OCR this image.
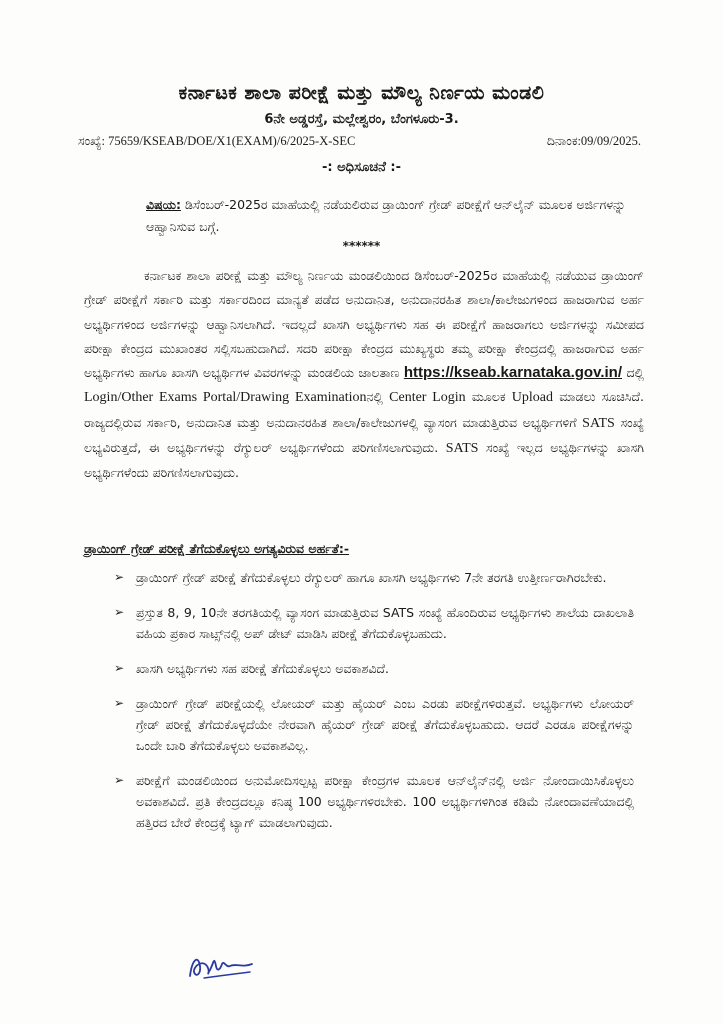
ಕರ್ನಾಟಕ ಶಾಲಾ ಪರೀಕ್ಷೆ ಮತ್ತು ಮೌಲ್ಯ ನಿರ್ಣಯ ಮಂಡಲಿ
6ನೇ ಅಡ್ಡರಸ್ತೆ, ಮಲ್ಲೇಶ್ವರಂ, ಬೆಂಗಳೂರು-3.
ಸಂಖ್ಯೆ: 75659/KSEAB/DOE/X1(EXAM)/6/2025-X-SEC	ದಿನಾಂಕ:09/09/2025.
-: ಅಧಿಸೂಚನೆ :-
ವಿಷಯ: ಡಿಸೆಂಬರ್-2025ರ ಮಾಹೆಯಲ್ಲಿ ನಡೆಯಲಿರುವ ಡ್ರಾಯಿಂಗ್ ಗ್ರೇಡ್ ಪರೀಕ್ಷೆಗೆ ಆನ್‌ಲೈನ್ ಮೂಲಕ ಅರ್ಜಿಗಳನ್ನು ಆಹ್ವಾನಿಸುವ ಬಗ್ಗೆ.
******
ಕರ್ನಾಟಕ ಶಾಲಾ ಪರೀಕ್ಷೆ ಮತ್ತು ಮೌಲ್ಯ ನಿರ್ಣಯ ಮಂಡಲಿಯಿಂದ ಡಿಸೆಂಬರ್-2025ರ ಮಾಹೆಯಲ್ಲಿ ನಡೆಯುವ ಡ್ರಾಯಿಂಗ್ ಗ್ರೇಡ್ ಪರೀಕ್ಷೆಗೆ ಸರ್ಕಾರಿ ಮತ್ತು ಸರ್ಕಾರದಿಂದ ಮಾನ್ಯತೆ ಪಡೆದ ಅನುದಾನಿತ, ಅನುದಾನರಹಿತ ಶಾಲಾ/ಕಾಲೇಜುಗಳಿಂದ ಹಾಜರಾಗುವ ಅರ್ಹ ಅಭ್ಯರ್ಥಿಗಳಿಂದ ಅರ್ಜಿಗಳನ್ನು ಆಹ್ವಾನಿಸಲಾಗಿದೆ. ಇದಲ್ಲದೆ ಖಾಸಗಿ ಅಭ್ಯರ್ಥಿಗಳು ಸಹ ಈ ಪರೀಕ್ಷೆಗೆ ಹಾಜರಾಗಲು ಅರ್ಜಿಗಳನ್ನು ಸಮೀಪದ ಪರೀಕ್ಷಾ ಕೇಂದ್ರದ ಮುಖಾಂತರ ಸಲ್ಲಿಸಬಹುದಾಗಿದೆ. ಸದರಿ ಪರೀಕ್ಷಾ ಕೇಂದ್ರದ ಮುಖ್ಯಸ್ಥರು ತಮ್ಮ ಪರೀಕ್ಷಾ ಕೇಂದ್ರದಲ್ಲಿ ಹಾಜರಾಗುವ ಅರ್ಹ ಅಭ್ಯರ್ಥಿಗಳು ಹಾಗೂ ಖಾಸಗಿ ಅಭ್ಯರ್ಥಿಗಳ ವಿವರಗಳನ್ನು ಮಂಡಲಿಯ ಜಾಲತಾಣ https://kseab.karnataka.gov.in/ ದಲ್ಲಿ Login/Other Exams Portal/Drawing Examinationನಲ್ಲಿ Center Login ಮೂಲಕ Upload ಮಾಡಲು ಸೂಚಿಸಿದೆ. ರಾಜ್ಯದಲ್ಲಿರುವ ಸರ್ಕಾರಿ, ಅನುದಾನಿತ ಮತ್ತು ಅನುದಾನರಹಿತ ಶಾಲಾ/ಕಾಲೇಜುಗಳಲ್ಲಿ ವ್ಯಾಸಂಗ ಮಾಡುತ್ತಿರುವ ಅಭ್ಯರ್ಥಿಗಳಿಗೆ SATS ಸಂಖ್ಯೆ ಲಭ್ಯವಿರುತ್ತದೆ, ಈ ಅಭ್ಯರ್ಥಿಗಳನ್ನು ರೆಗ್ಯುಲರ್ ಅಭ್ಯರ್ಥಿಗಳೆಂದು ಪರಿಗಣಿಸಲಾಗುವುದು. SATS ಸಂಖ್ಯೆ ಇಲ್ಲದ ಅಭ್ಯರ್ಥಿಗಳನ್ನು ಖಾಸಗಿ ಅಭ್ಯರ್ಥಿಗಳೆಂದು ಪರಿಗಣಿಸಲಾಗುವುದು.
ಡ್ರಾಯಿಂಗ್ ಗ್ರೇಡ್ ಪರೀಕ್ಷೆ ತೆಗೆದುಕೊಳ್ಳಲು ಅಗತ್ಯವಿರುವ ಅರ್ಹತೆ:-
➢ ಡ್ರಾಯಿಂಗ್ ಗ್ರೇಡ್ ಪರೀಕ್ಷೆ ತೆಗೆದುಕೊಳ್ಳಲು ರೆಗ್ಯುಲರ್ ಹಾಗೂ ಖಾಸಗಿ ಅಭ್ಯರ್ಥಿಗಳು 7ನೇ ತರಗತಿ ಉತ್ತೀರ್ಣರಾಗಿರಬೇಕು.
➢ ಪ್ರಸ್ತುತ 8, 9, 10ನೇ ತರಗತಿಯಲ್ಲಿ ವ್ಯಾಸಂಗ ಮಾಡುತ್ತಿರುವ SATS ಸಂಖ್ಯೆ ಹೊಂದಿರುವ ಅಭ್ಯರ್ಥಿಗಳು ಶಾಲೆಯ ದಾಖಲಾತಿ ವಹಿಯ ಪ್ರಕಾರ ಸಾಟ್ಸ್‌ನಲ್ಲಿ ಅಪ್ ಡೇಟ್ ಮಾಡಿಸಿ ಪರೀಕ್ಷೆ ತೆಗೆದುಕೊಳ್ಳಬಹುದು.
➢ ಖಾಸಗಿ ಅಭ್ಯರ್ಥಿಗಳು ಸಹ ಪರೀಕ್ಷೆ ತೆಗೆದುಕೊಳ್ಳಲು ಅವಕಾಶವಿದೆ.
➢ ಡ್ರಾಯಿಂಗ್ ಗ್ರೇಡ್ ಪರೀಕ್ಷೆಯಲ್ಲಿ ಲೋಯರ್ ಮತ್ತು ಹೈಯರ್ ಎಂಬ ಎರಡು ಪರೀಕ್ಷೆಗಳಿರುತ್ತವೆ. ಅಭ್ಯರ್ಥಿಗಳು ಲೋಯರ್ ಗ್ರೇಡ್ ಪರೀಕ್ಷೆ ತೆಗೆದುಕೊಳ್ಳದೆಯೇ ನೇರವಾಗಿ ಹೈಯರ್ ಗ್ರೇಡ್ ಪರೀಕ್ಷೆ ತೆಗೆದುಕೊಳ್ಳಬಹುದು. ಆದರೆ ಎರಡೂ ಪರೀಕ್ಷೆಗಳನ್ನು ಒಂದೇ ಬಾರಿ ತೆಗೆದುಕೊಳ್ಳಲು ಅವಕಾಶವಿಲ್ಲ.
➢ ಪರೀಕ್ಷೆಗೆ ಮಂಡಲಿಯಿಂದ ಅನುಮೋದಿಸಲ್ಪಟ್ಟ ಪರೀಕ್ಷಾ ಕೇಂದ್ರಗಳ ಮೂಲಕ ಆನ್‌ಲೈನ್‌ನಲ್ಲಿ ಅರ್ಜಿ ನೋಂದಾಯಿಸಿಕೊಳ್ಳಲು ಅವಕಾಶವಿದೆ. ಪ್ರತಿ ಕೇಂದ್ರದಲ್ಲೂ ಕನಿಷ್ಠ 100 ಅಭ್ಯರ್ಥಿಗಳಿರಬೇಕು. 100 ಅಭ್ಯರ್ಥಿಗಳಿಗಿಂತ ಕಡಿಮೆ ನೋಂದಾವಣೆಯಾದಲ್ಲಿ ಹತ್ತಿರದ ಬೇರೆ ಕೇಂದ್ರಕ್ಕೆ ಟ್ಯಾಗ್ ಮಾಡಲಾಗುವುದು.
